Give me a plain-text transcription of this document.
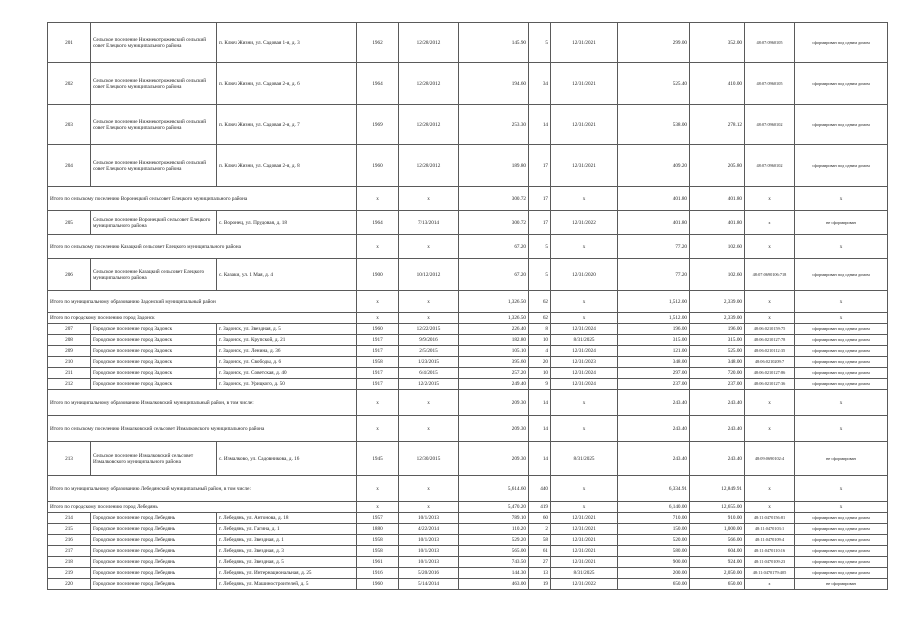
201	Сельское поселение Нижнекотрожевский сельский совет Елецкого муниципального района	п. Ключ Жизни, ул. Садовая 1-я, д. 3	1962	12/28/2012	145.90	5	12/31/2021	299.00	352.00	48:07:0960105	сформирован под одним домом
202	Сельское поселение Нижнекотрожевский сельский совет Елецкого муниципального района	п. Ключ Жизни, ул. Садовая 2-я, д. 6	1964	12/28/2012	194.60	34	12/31/2021	525.40	410.00	48:07:0960105	сформирован под одним домом
203	Сельское поселение Нижнекотрожевский сельский совет Елецкого муниципального района	п. Ключ Жизни, ул. Садовая 2-я, д. 7	1969	12/28/2012	253.30	14	12/31/2021	538.00	278.12	48:07:0960102	сформирован под одним домом
204	Сельское поселение Нижнекотрожевский сельский совет Елецкого муниципального района	п. Ключ Жизни, ул. Садовая 2-я, д. 8	1960	12/28/2012	189.80	17	12/31/2021	409.20	205.80	48:07:0960102	сформирован под одним домом
Итого по сельскому поселению Воронецкий сельсовет Елецкого муниципального района			x	x	300.72	17	x	401.80	401.80	x	x
205	Сельское поселение Воронецкий сельсовет Елецкого муниципального района	с. Воронец, ул. Прудовая, д. 18	1964	7/13/2014	300.72	17	12/31/2022	401.80	401.80	x	не сформирован
Итого по сельскому поселению Казацкий сельсовет Елецкого муниципального района			x	x	67.20	5	x	77.20	102.60	x	x
206	Сельское поселение Казацкий сельсовет Елецкого муниципального района	с. Казаки, ул. 1 Мая, д. 4	1900	10/12/2012	67.20	5	12/31/2020	77.20	102.60	48:07:0690106:718	сформирован под одним домом
Итого по муниципальному образованию Задонский муниципальный район			x	x	1,326.50	62	x	1,512.00	2,339.00	x	x
Итого по городскому поселению город Задонск			x	x	1,326.50	62	x	1,512.00	2,339.00	x	x
207	Городское поселение город Задонск	г. Задонск, ул. Звездная, д. 5	1960	12/22/2015	226.40	8	12/31/2024	196.00	196.00	48:06:0210159:75	сформирован под одним домом
208	Городское поселение город Задонск	г. Задонск, ул. Крупской, д. 21	1917	9/9/2016	182.80	10	8/31/2025	315.00	315.00	48:06:0210127:78	сформирован под одним домом
209	Городское поселение город Задонск	г. Задонск, ул. Ленина, д. 36	1917	2/5/2015	105.10	4	12/31/2024	121.00	525.00	48:06:0210112:35	сформирован под одним домом
210	Городское поселение город Задонск	г. Задонск, ул. Свободы, д. 6	1958	1/23/2015	395.60	20	12/31/2023	348.00	348.00	48:06:0210209:7	сформирован под одним домом
211	Городское поселение город Задонск	г. Задонск, ул. Советская, д. 40	1917	6/4/2015	257.20	10	12/31/2024	297.00	720.00	48:06:0210127:86	сформирован под одним домом
212	Городское поселение город Задонск	г. Задонск, ул. Урицкого, д. 50	1917	12/2/2015	249.40	9	12/31/2024	237.00	237.00	48:06:0210127:36	сформирован под одним домом
Итого по муниципальному образованию Измалковский муниципальный район, в том числе:			x	x	209.30	14	x	243.40	243.40	x	x
Итого по сельскому поселению Измалковский сельсовет Измалковского муниципального района			x	x	209.30	14	x	243.40	243.40	x	x
213	Сельское поселение Измалковский сельсовет Измалковского муниципального района	с. Измалково, ул. Садовникова, д. 16	1945	12/30/2015	209.30	14	8/31/2025	243.40	243.40	48:09:0690102:4	не сформирован
Итого по муниципальному образованию Лебедянский муниципальный район, в том числе:			x	x	5,614.60	440	x	6,334.91	12,849.91	x	x
Итого по городскому поселению город Лебедянь			x	x	5,470.20	419	x	6,140.00	12,655.00	x	x
214	Городское поселение город Лебедянь	г. Лебедянь, ул. Антонова, д. 18	1957	10/1/2013	789.10	60	12/31/2021	710.00	910.00	48:11:0470156:81	сформирован под одним домом
215	Городское поселение город Лебедянь	г. Лебедянь, ул. Гагина, д. 1	1880	4/22/2014	110.20	2	12/31/2021	150.00	1,000.00	48:11:0470103:1	сформирован под одним домом
216	Городское поселение город Лебедянь	г. Лебедянь, ул. Звездная, д. 1	1958	10/1/2013	529.20	58	12/31/2021	520.00	566.00	48:11:0470109:4	сформирован под одним домом
217	Городское поселение город Лебедянь	г. Лебедянь, ул. Звездная, д. 3	1958	10/1/2013	565.00	61	12/31/2021	580.00	604.00	48:11:0470110:16	сформирован под одним домом
218	Городское поселение город Лебедянь	г. Лебедянь, ул. Звездная, д. 5	1961	10/1/2013	743.50	27	12/31/2021	900.00	924.00	48:11:0470109:23	сформирован под одним домом
219	Городское поселение город Лебедянь	г. Лебедянь, ул. Интернациональная, д. 25	1916	5/20/2016	144.30	13	8/31/2025	200.00	2,050.00	48:11:0470179:405	сформирован под одним домом
220	Городское поселение город Лебедянь	г. Лебедянь, ул. Машиностроителей, д. 5	1960	5/14/2014	463.00	19	12/31/2022	650.00	650.00	x	не сформирован
